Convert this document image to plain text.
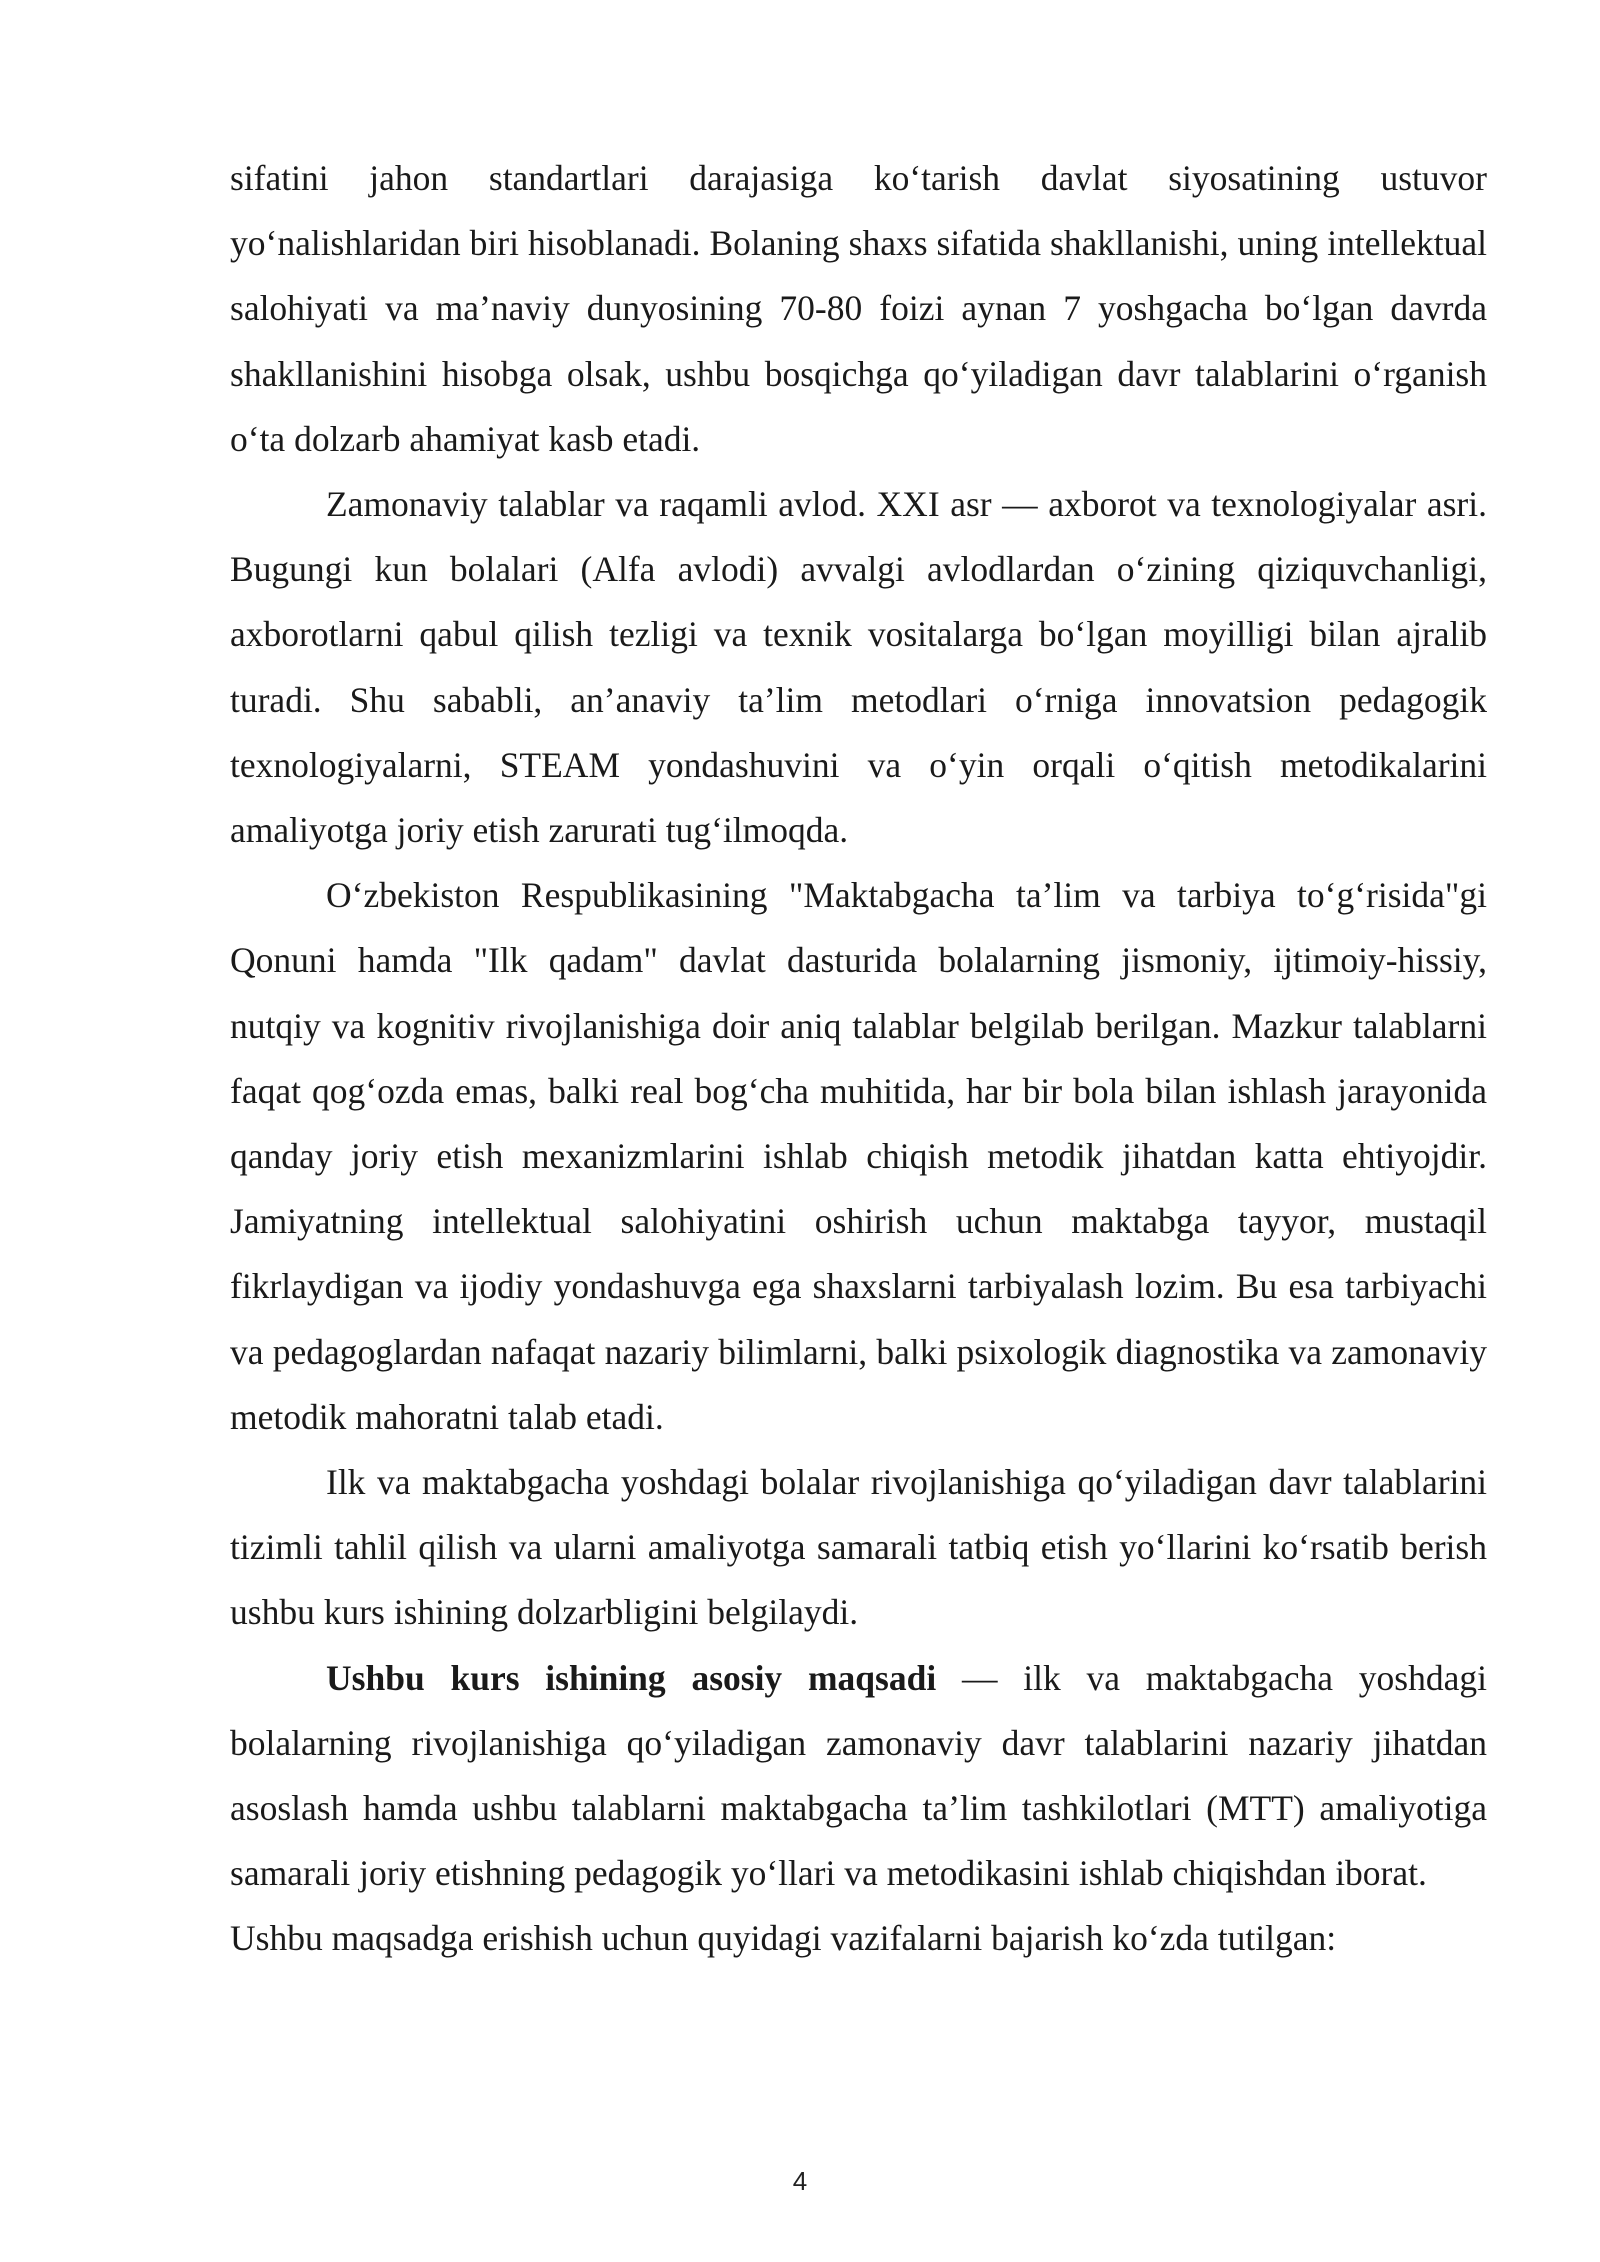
sifatini jahon standartlari darajasiga ko‘tarish davlat siyosatining ustuvor yo‘nalishlaridan biri hisoblanadi. Bolaning shaxs sifatida shakllanishi, uning intellektual salohiyati va ma’naviy dunyosining 70-80 foizi aynan 7 yoshgacha bo‘lgan davrda shakllanishini hisobga olsak, ushbu bosqichga qo‘yiladigan davr talablarini o‘rganish o‘ta dolzarb ahamiyat kasb etadi.

Zamonaviy talablar va raqamli avlod. XXI asr — axborot va texnologiyalar asri. Bugungi kun bolalari (Alfa avlodi) avvalgi avlodlardan o‘zining qiziquvchanligi, axborotlarni qabul qilish tezligi va texnik vositalarga bo‘lgan moyilligi bilan ajralib turadi. Shu sababli, an’anaviy ta’lim metodlari o‘rniga innovatsion pedagogik texnologiyalarni, STEAM yondashuvini va o‘yin orqali o‘qitish metodikalarini amaliyotga joriy etish zarurati tug‘ilmoqda.

O‘zbekiston Respublikasining "Maktabgacha ta’lim va tarbiya to‘g‘risida"gi Qonuni hamda "Ilk qadam" davlat dasturida bolalarning jismoniy, ijtimoiy-hissiy, nutqiy va kognitiv rivojlanishiga doir aniq talablar belgilab berilgan. Mazkur talablarni faqat qog‘ozda emas, balki real bog‘cha muhitida, har bir bola bilan ishlash jarayonida qanday joriy etish mexanizmlarini ishlab chiqish metodik jihatdan katta ehtiyojdir. Jamiyatning intellektual salohiyatini oshirish uchun maktabga tayyor, mustaqil fikrlaydigan va ijodiy yondashuvga ega shaxslarni tarbiyalash lozim. Bu esa tarbiyachi va pedagoglardan nafaqat nazariy bilimlarni, balki psixologik diagnostika va zamonaviy metodik mahoratni talab etadi.

Ilk va maktabgacha yoshdagi bolalar rivojlanishiga qo‘yiladigan davr talablarini tizimli tahlil qilish va ularni amaliyotga samarali tatbiq etish yo‘llarini ko‘rsatib berish ushbu kurs ishining dolzarbligini belgilaydi.

Ushbu kurs ishining asosiy maqsadi — ilk va maktabgacha yoshdagi bolalarning rivojlanishiga qo‘yiladigan zamonaviy davr talablarini nazariy jihatdan asoslash hamda ushbu talablarni maktabgacha ta’lim tashkilotlari (MTT) amaliyotiga samarali joriy etishning pedagogik yo‘llari va metodikasini ishlab chiqishdan iborat.

Ushbu maqsadga erishish uchun quyidagi vazifalarni bajarish ko‘zda tutilgan:

4
